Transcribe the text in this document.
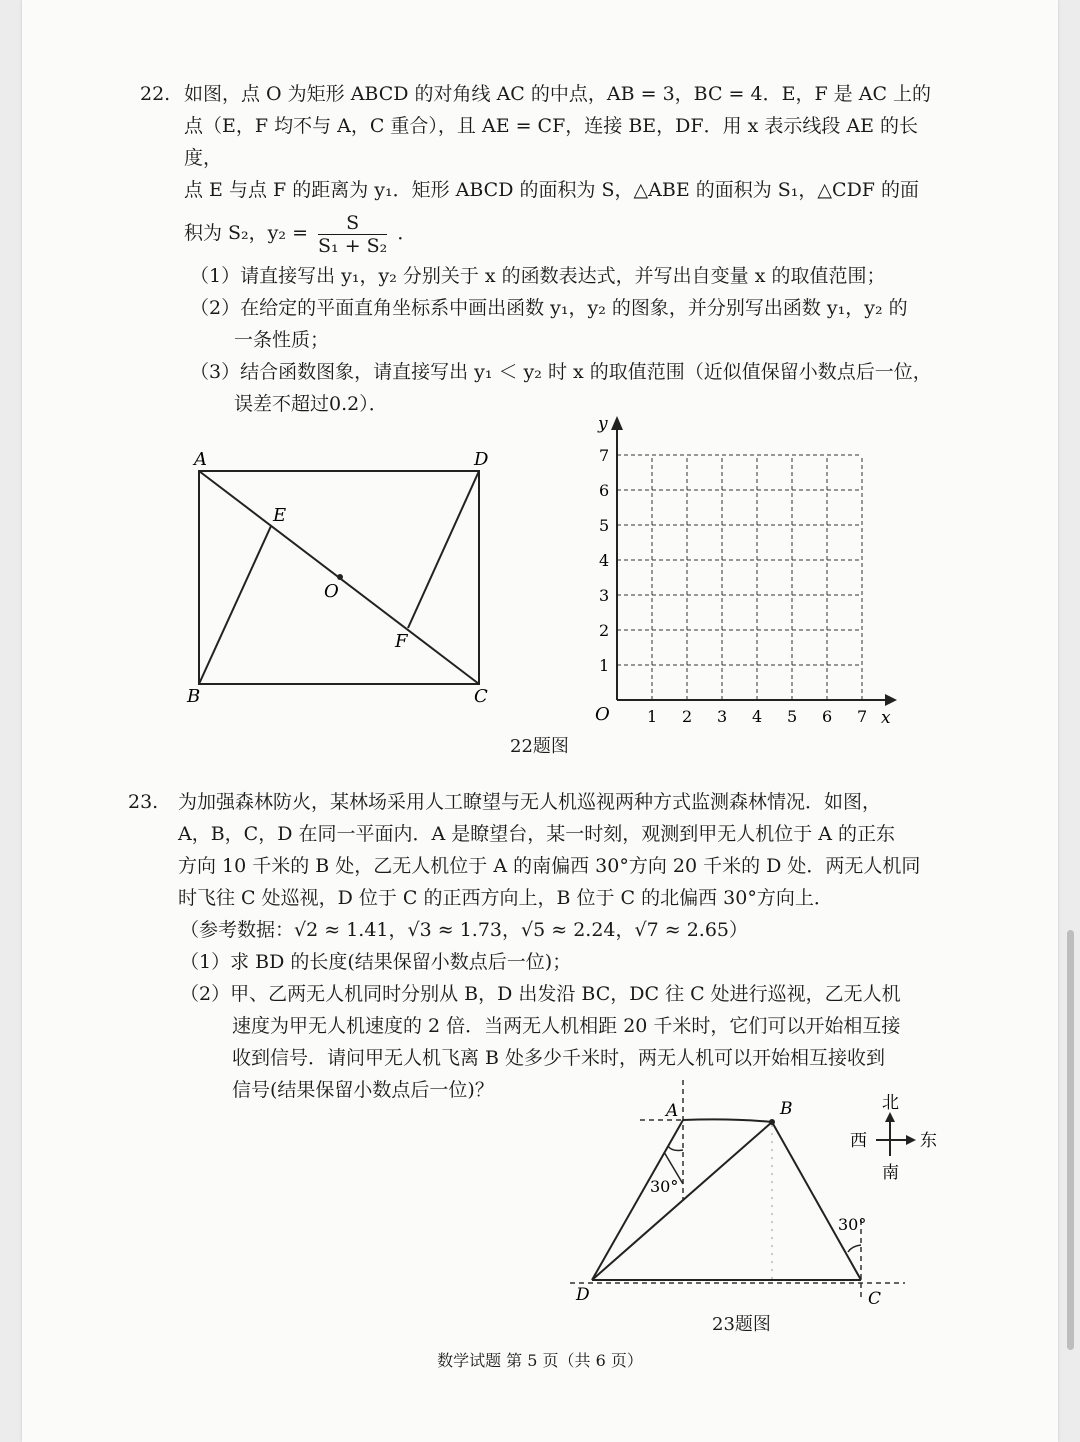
22. 如图，点 O 为矩形 ABCD 的对角线 AC 的中点，AB = 3，BC = 4．E，F 是 AC 上的

点（E，F 均不与 A，C 重合），且 AE = CF，连接 BE，DF．用 x 表示线段 AE 的长度，

点 E 与点 F 的距离为 y₁．矩形 ABCD 的面积为 S，△ABE 的面积为 S₁，△CDF 的面

积为 S₂，$y_2 = \frac{S}{\text{S₁ + S₂}}$ ．

（1）请直接写出 y₁，y₂ 分别关于 x 的函数表达式，并写出自变量 x 的取值范围；

（2）在给定的平面直角坐标系中画出函数 y₁，y₂ 的图象，并分别写出函数 y₁，y₂ 的

一条性质；

（3）结合函数图象，请直接写出 y₁ ＜ y₂ 时 x 的取值范围（近似值保留小数点后一位，

误差不超过0.2）．

A	D
B	C
E
F
O
y
x
O 1 2 3 4 5 6 7
1
2
3
4
5
6
7
22题图
23. 为加强森林防火，某林场采用人工瞭望与无人机巡视两种方式监测森林情况．如图，

A，B，C，D 在同一平面内．A 是瞭望台，某一时刻，观测到甲无人机位于 A 的正东

方向 10 千米的 B 处，乙无人机位于 A 的南偏西 30°方向 20 千米的 D 处．两无人机同

时飞往 C 处巡视，D 位于 C 的正西方向上，B 位于 C 的北偏西 30°方向上．

（参考数据：√2 ≈ 1.41，√3 ≈ 1.73，√5 ≈ 2.24，√7 ≈ 2.65）

（1）求 BD 的长度(结果保留小数点后一位)；

（2）甲、乙两无人机同时分别从 B，D 出发沿 BC，DC 往 C 处进行巡视，乙无人机

速度为甲无人机速度的 2 倍．当两无人机相距 20 千米时，它们可以开始相互接

收到信号．请问甲无人机飞离 B 处多少千米时，两无人机可以开始相互接收到

信号(结果保留小数点后一位)？

30°
30°
A	B
D	C
北
南
西	东
23题图
数学试题 第 5 页（共 6 页）
